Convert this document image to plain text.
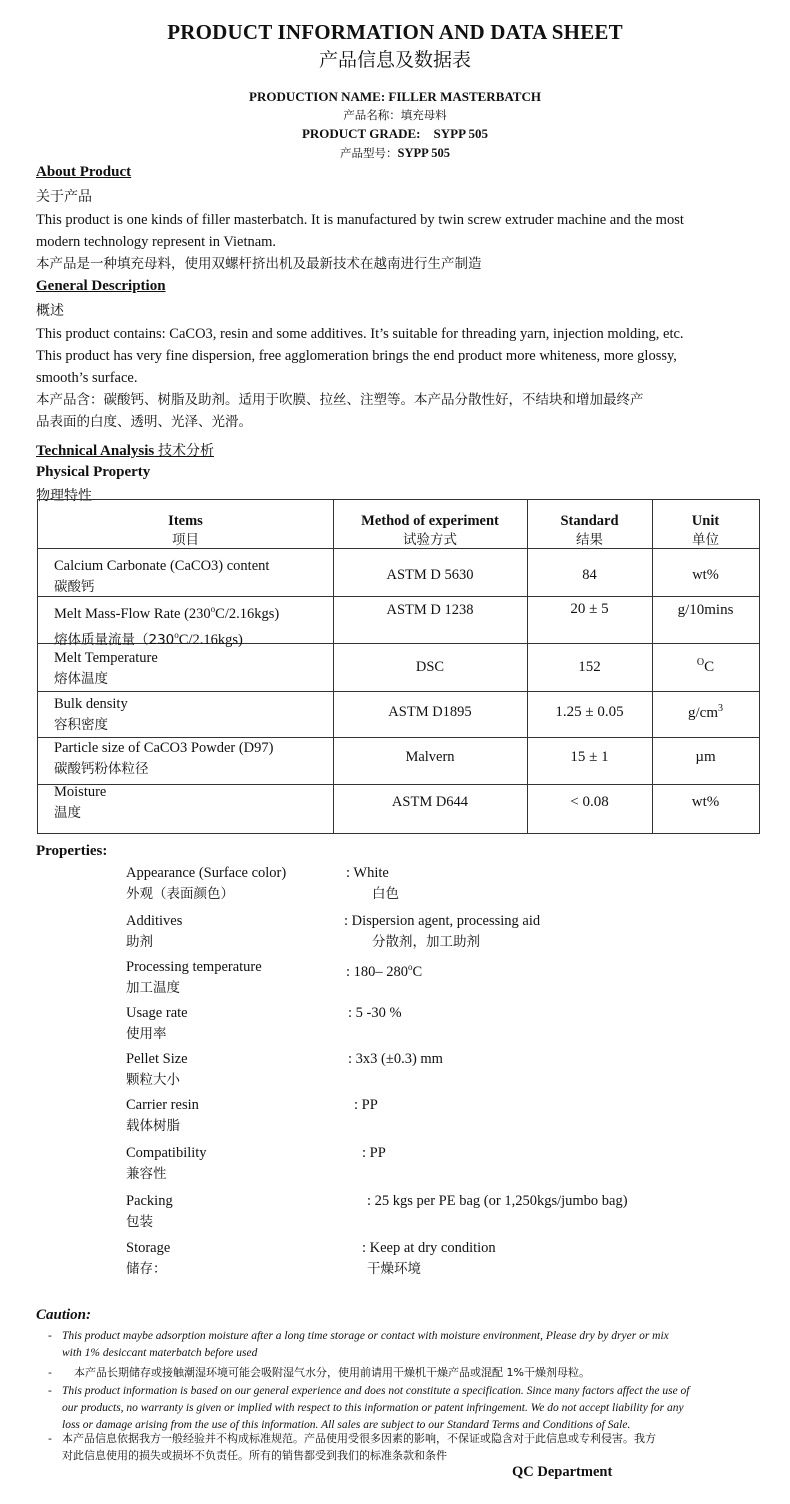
PRODUCT INFORMATION AND DATA SHEET
产品信息及数据表
PRODUCTION NAME: FILLER MASTERBATCH
产品名称：填充母料
PRODUCT GRADE: SYPP 505
产品型号：SYPP 505
About Product
关于产品
This product is one kinds of filler masterbatch. It is manufactured by twin screw extruder machine and the most
modern technology represent in Vietnam.
本产品是一种填充母料，使用双螺杆挤出机及最新技术在越南进行生产制造
General Description
概述
This product contains: CaCO3, resin and some additives. It’s suitable for threading yarn, injection molding, etc.
This product has very fine dispersion, free agglomeration brings the end product more whiteness, more glossy,
smooth’s surface.
本产品含：碳酸钙、树脂及助剂。适用于吹膜、拉丝、注塑等。本产品分散性好，不结块和增加最终产
品表面的白度、透明、光泽、光滑。
Technical Analysis 技术分析
Physical Property
物理特性
Items
项目
Method of experiment
试验方式
Standard
结果
Unit
单位
Calcium Carbonate (CaCO3) content
碳酸钙
ASTM D 5630	84	wt%
Melt Mass-Flow Rate (230$^o$C/2.16kgs)
熔体质量流量（230$^o$C/2.16kgs)
ASTM D 1238	20 ± 5	g/10mins
Melt Temperature
熔体温度
DSC	152	$^O$C
Bulk density
容积密度
ASTM D1895	1.25 ± 0.05	$g/cm^3$
Particle size of CaCO3 Powder (D97)
碳酸钙粉体粒径
Malvern	15 ± 1	µm
Moisture
温度
ASTM D644	< 0.08	wt%
Properties:
Appearance (Surface color)
外观（表面颜色）
: White
白色
Additives
助剂
: Dispersion agent, processing aid
分散剂，加工助剂
Processing temperature
加工温度
: 180– 280$^o$C
Usage rate
使用率
: 5 -30 %
Pellet Size
颗粒大小
: 3x3 (±0.3) mm
Carrier resin
载体树脂
: PP
Compatibility
兼容性
: PP
Packing
包装
: 25 kgs per PE bag (or 1,250kgs/jumbo bag)
Storage
储存：
: Keep at dry condition
干燥环境
Caution:
- This product maybe adsorption moisture after a long time storage or contact with moisture environment, Please dry by dryer or mix
with 1% desiccant materbatch before used
-	本产品长期储存或接触潮湿环境可能会吸附湿气水分，使用前请用干燥机干燥产品或混配 1%干燥剂母粒。
- This product information is based on our general experience and does not constitute a specification. Since many factors affect the use of
our products, no warranty is given or implied with respect to this information or patent infringement. We do not accept liability for any
loss or damage arising from the use of this information. All sales are subject to our Standard Terms and Conditions of Sale.
- 本产品信息依据我方一般经验并不构成标准规范。产品使用受很多因素的影响，不保证或隐含对于此信息或专利侵害。我方
对此信息使用的损失或损坏不负责任。所有的销售都受到我们的标准条款和条件
QC Department
